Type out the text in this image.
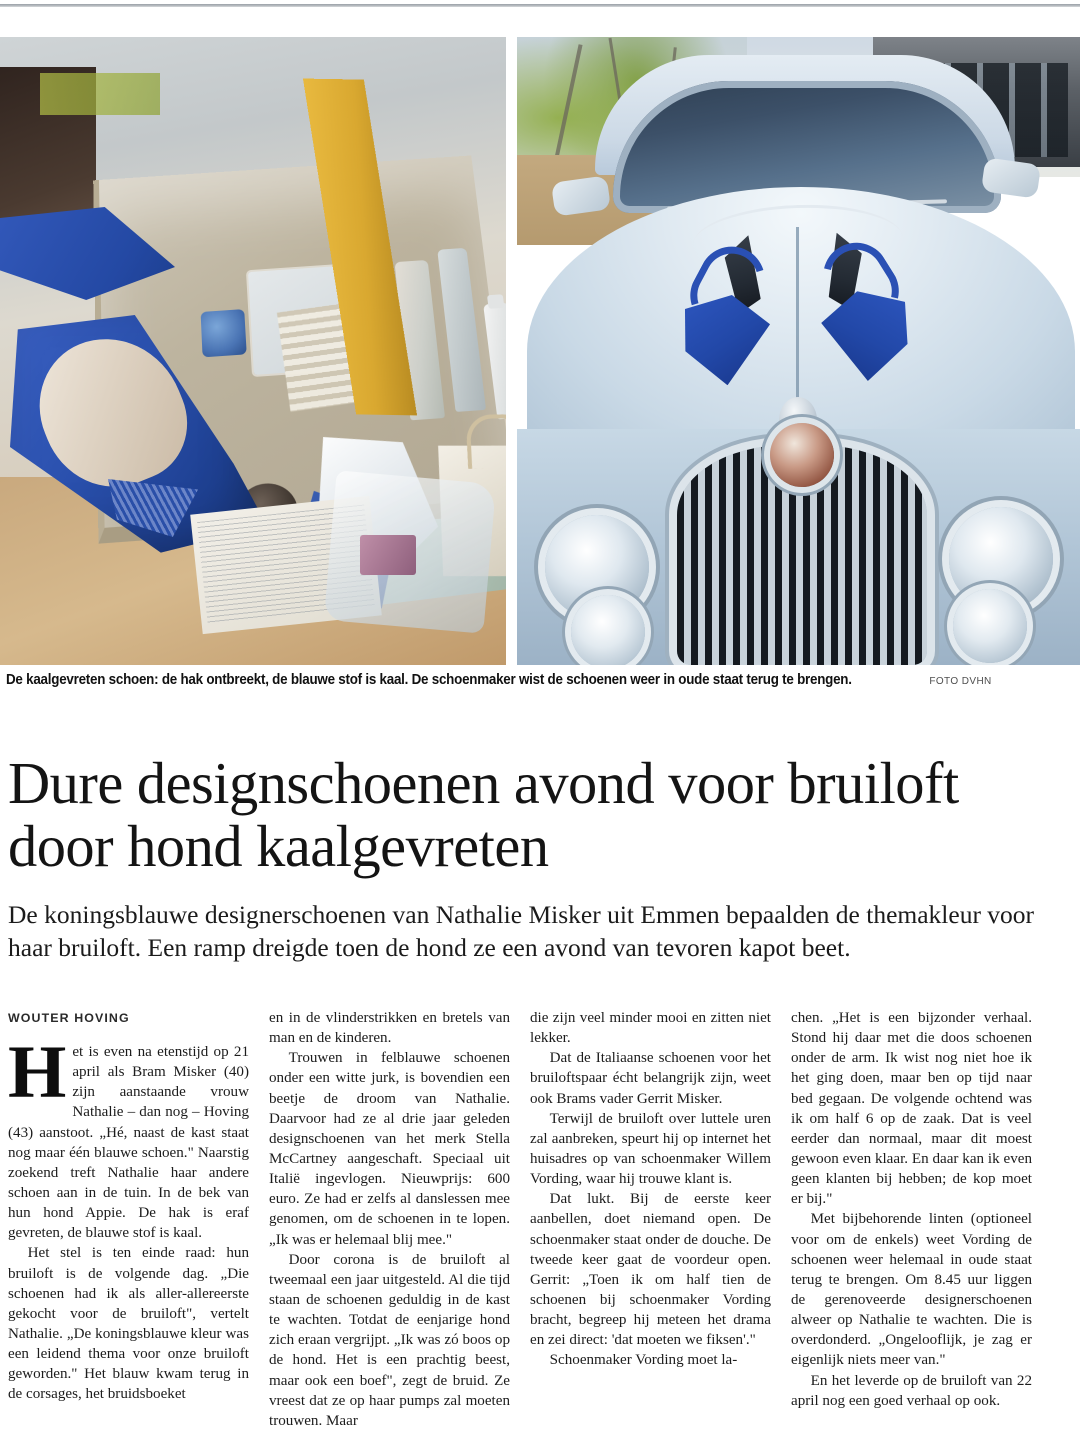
De kaalgevreten schoen: de hak ontbreekt, de blauwe stof is kaal. De schoenmaker wist de schoenen weer in oude staat terug te brengen.	FOTO DVHN
Dure designschoenen avond voor bruiloft door hond kaalgevreten

De koningsblauwe designerschoenen van Nathalie Misker uit Emmen bepaalden de themakleur voor haar bruiloft. Een ramp dreigde toen de hond ze een avond van tevoren kapot beet.

WOUTER HOVING

Het is even na etenstijd op 21 april als Bram Misker (40) zijn aanstaande vrouw Nathalie – dan nog – Hoving (43) aanstoot. „Hé, naast de kast staat nog maar één blauwe schoen." Naarstig zoekend treft Nathalie haar andere schoen aan in de tuin. In de bek van hun hond Appie. De hak is eraf gevreten, de blauwe stof is kaal.

Het stel is ten einde raad: hun bruiloft is de volgende dag. „Die schoenen had ik als aller-allereerste gekocht voor de bruiloft", vertelt Nathalie. „De koningsblauwe kleur was een leidend thema voor onze bruiloft geworden." Het blauw kwam terug in de corsages, het bruidsboeket

en in de vlinderstrikken en bretels van man en de kinderen.

Trouwen in felblauwe schoenen onder een witte jurk, is bovendien een beetje de droom van Nathalie. Daarvoor had ze al drie jaar geleden designschoenen van het merk Stella McCartney aangeschaft. Speciaal uit Italië ingevlogen. Nieuwprijs: 600 euro. Ze had er zelfs al danslessen mee genomen, om de schoenen in te lopen. „Ik was er helemaal blij mee."

Door corona is de bruiloft al tweemaal een jaar uitgesteld. Al die tijd staan de schoenen geduldig in de kast te wachten. Totdat de eenjarige hond zich eraan vergrijpt. „Ik was zó boos op de hond. Het is een prachtig beest, maar ook een boef", zegt de bruid. Ze vreest dat ze op haar pumps zal moeten trouwen. Maar

die zijn veel minder mooi en zitten niet lekker.

Dat de Italiaanse schoenen voor het bruiloftspaar écht belangrijk zijn, weet ook Brams vader Gerrit Misker.

Terwijl de bruiloft over luttele uren zal aanbreken, speurt hij op internet het huisadres op van schoenmaker Willem Vording, waar hij trouwe klant is.

Dat lukt. Bij de eerste keer aanbellen, doet niemand open. De schoenmaker staat onder de douche. De tweede keer gaat de voordeur open. Gerrit: „Toen ik om half tien de schoenen bij schoenmaker Vording bracht, begreep hij meteen het drama en zei direct: 'dat moeten we fiksen'."

Schoenmaker Vording moet la-

chen. „Het is een bijzonder verhaal. Stond hij daar met die doos schoenen onder de arm. Ik wist nog niet hoe ik het ging doen, maar ben op tijd naar bed gegaan. De volgende ochtend was ik om half 6 op de zaak. Dat is veel eerder dan normaal, maar dit moest gewoon even klaar. En daar kan ik even geen klanten bij hebben; de kop moet er bij."

Met bijbehorende linten (optioneel voor om de enkels) weet Vording de schoenen weer helemaal in oude staat terug te brengen. Om 8.45 uur liggen de gerenoveerde designerschoenen alweer op Nathalie te wachten. Die is overdonderd. „Ongelooflijk, je zag er eigenlijk niets meer van."

En het leverde op de bruiloft van 22 april nog een goed verhaal op ook.
